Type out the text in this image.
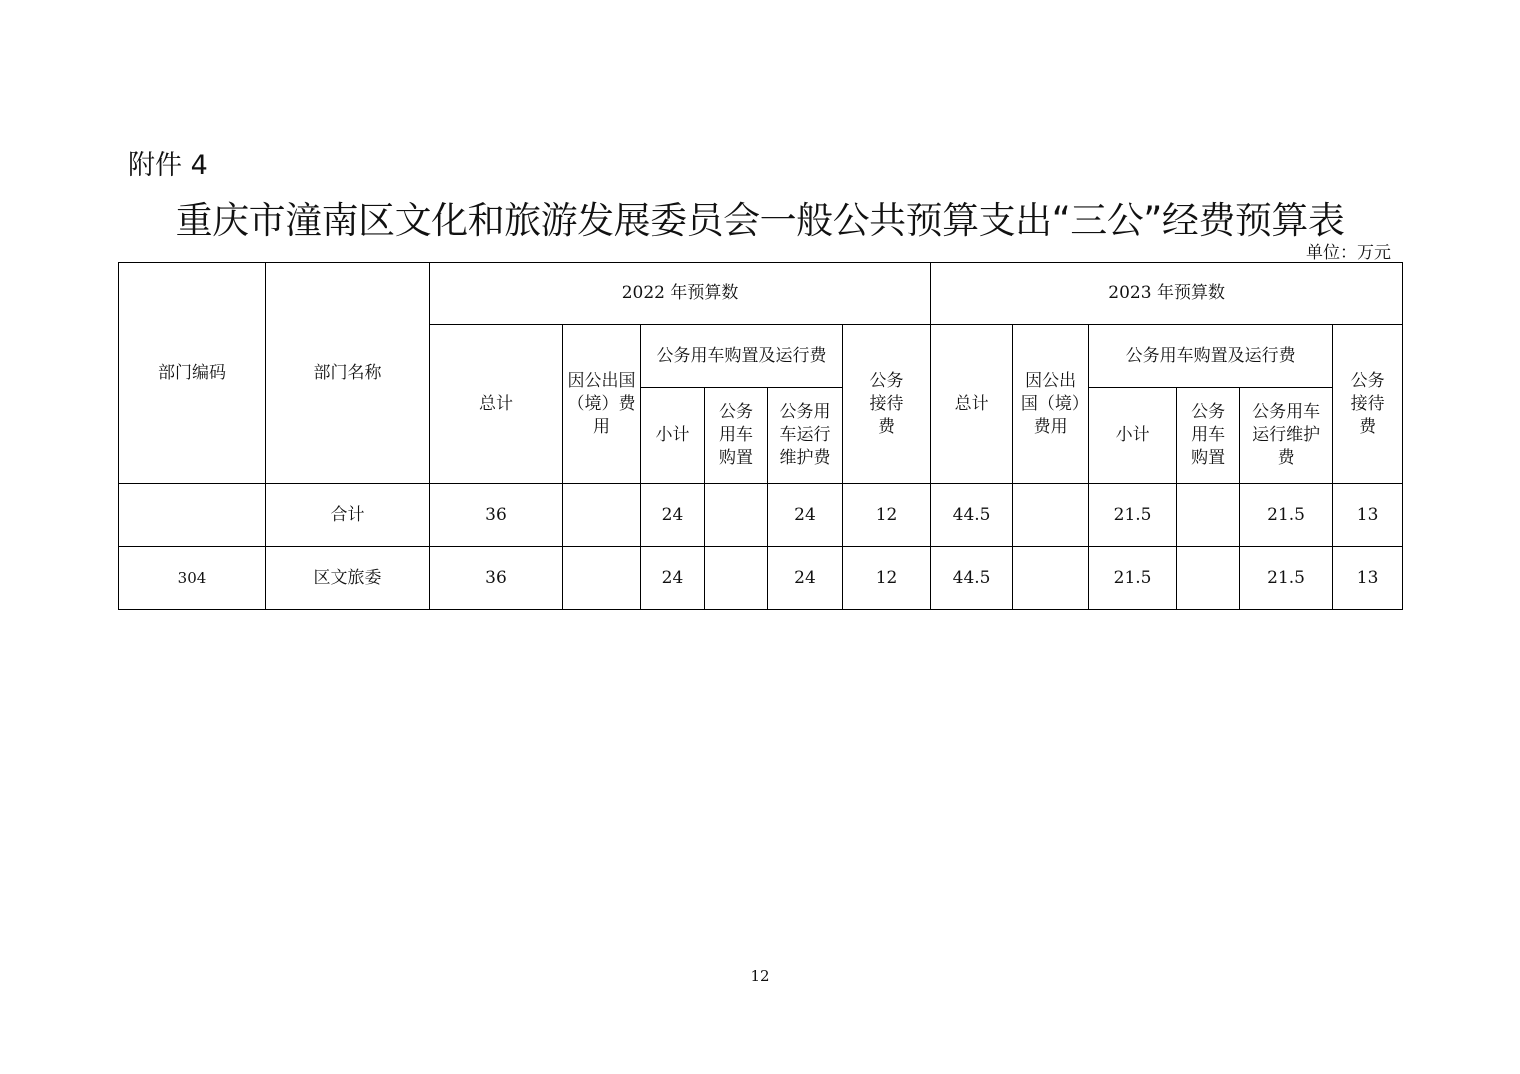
附件 4
重庆市潼南区文化和旅游发展委员会一般公共预算支出“三公”经费预算表
单位：万元
部门编码	部门名称	2022 年预算数						2023 年预算数					
		总计	因公出国（境）费用	公务用车购置及运行费			公务接待费	总计	因公出国（境）费用	公务用车购置及运行费			公务接待费
				小计	公务用车购置	公务用车运行维护费				小计	公务用车购置	公务用车运行维护费	
	合计	36		24		24	12	44.5		21.5		21.5	13
304	区文旅委	36		24		24	12	44.5		21.5		21.5	13
12
